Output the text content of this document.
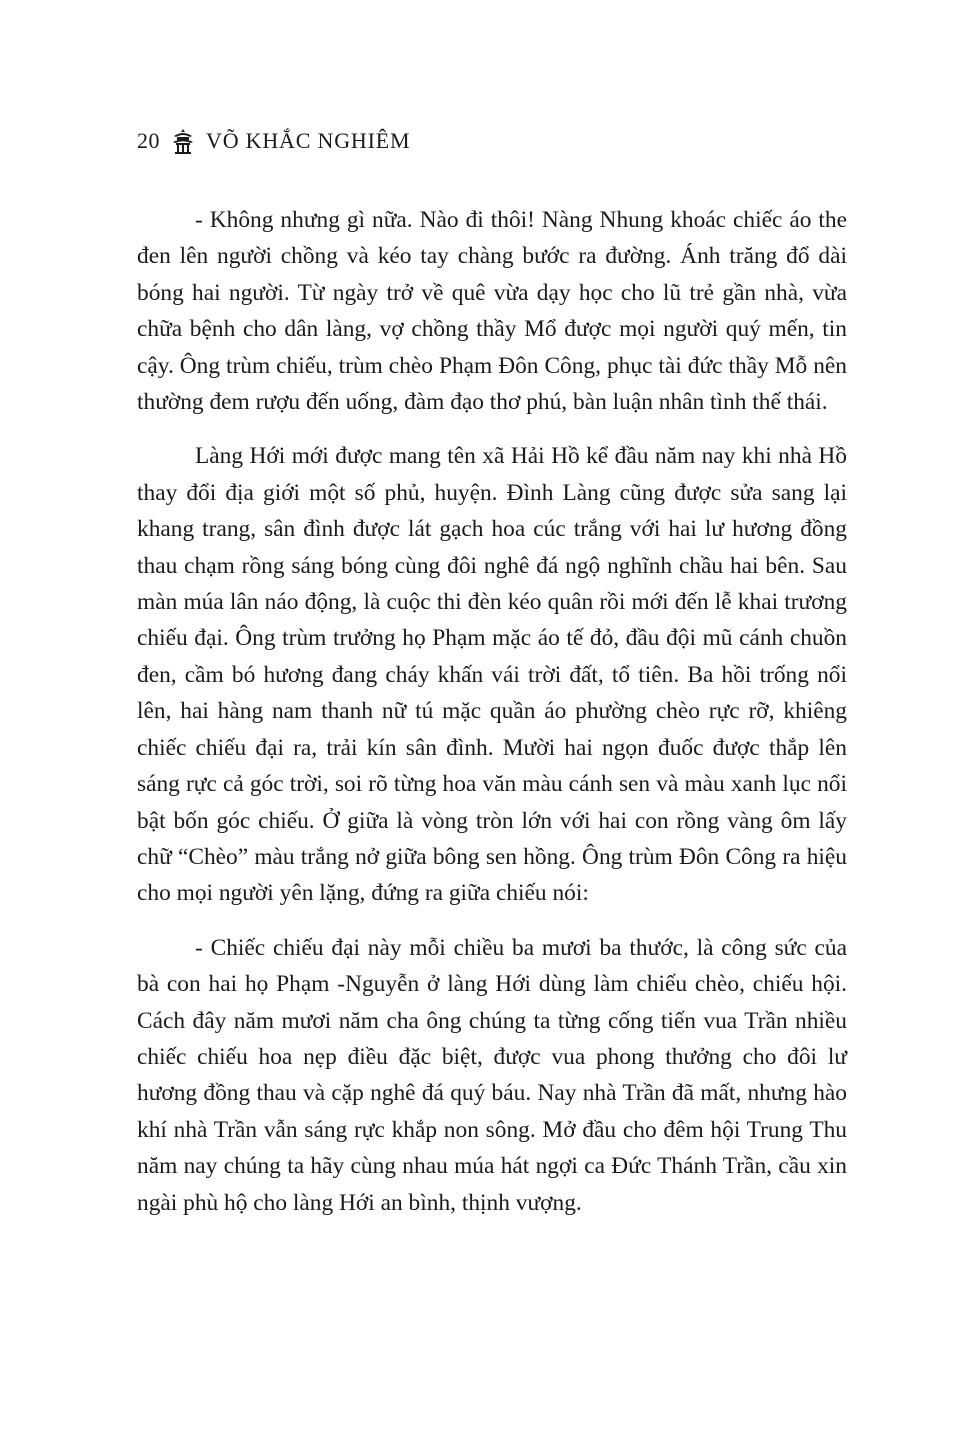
20 VÕ KHẮC NGHIÊM

- Không nhưng gì nữa. Nào đi thôi! Nàng Nhung khoác chiếc áo the đen lên người chồng và kéo tay chàng bước ra đường. Ánh trăng đổ dài bóng hai người. Từ ngày trở về quê vừa dạy học cho lũ trẻ gần nhà, vừa chữa bệnh cho dân làng, vợ chồng thầy Mổ được mọi người quý mến, tin cậy. Ông trùm chiếu, trùm chèo Phạm Đôn Công, phục tài đức thầy Mỗ nên thường đem rượu đến uống, đàm đạo thơ phú, bàn luận nhân tình thế thái.

Làng Hới mới được mang tên xã Hải Hồ kể đầu năm nay khi nhà Hồ thay đổi địa giới một số phủ, huyện. Đình Làng cũng được sửa sang lại khang trang, sân đình được lát gạch hoa cúc trắng với hai lư hương đồng thau chạm rồng sáng bóng cùng đôi nghê đá ngộ nghĩnh chầu hai bên. Sau màn múa lân náo động, là cuộc thi đèn kéo quân rồi mới đến lễ khai trương chiếu đại. Ông trùm trưởng họ Phạm mặc áo tế đỏ, đầu đội mũ cánh chuồn đen, cầm bó hương đang cháy khấn vái trời đất, tổ tiên. Ba hồi trống nổi lên, hai hàng nam thanh nữ tú mặc quần áo phường chèo rực rỡ, khiêng chiếc chiếu đại ra, trải kín sân đình. Mười hai ngọn đuốc được thắp lên sáng rực cả góc trời, soi rõ từng hoa văn màu cánh sen và màu xanh lục nổi bật bốn góc chiếu. Ở giữa là vòng tròn lớn với hai con rồng vàng ôm lấy chữ “Chèo” màu trắng nở giữa bông sen hồng. Ông trùm Đôn Công ra hiệu cho mọi người yên lặng, đứng ra giữa chiếu nói:

- Chiếc chiếu đại này mỗi chiều ba mươi ba thước, là công sức của bà con hai họ Phạm -Nguyễn ở làng Hới dùng làm chiếu chèo, chiếu hội. Cách đây năm mươi năm cha ông chúng ta từng cống tiến vua Trần nhiều chiếc chiếu hoa nẹp điều đặc biệt, được vua phong thưởng cho đôi lư hương đồng thau và cặp nghê đá quý báu. Nay nhà Trần đã mất, nhưng hào khí nhà Trần vẫn sáng rực khắp non sông. Mở đầu cho đêm hội Trung Thu năm nay chúng ta hãy cùng nhau múa hát ngợi ca Đức Thánh Trần, cầu xin ngài phù hộ cho làng Hới an bình, thịnh vượng.
